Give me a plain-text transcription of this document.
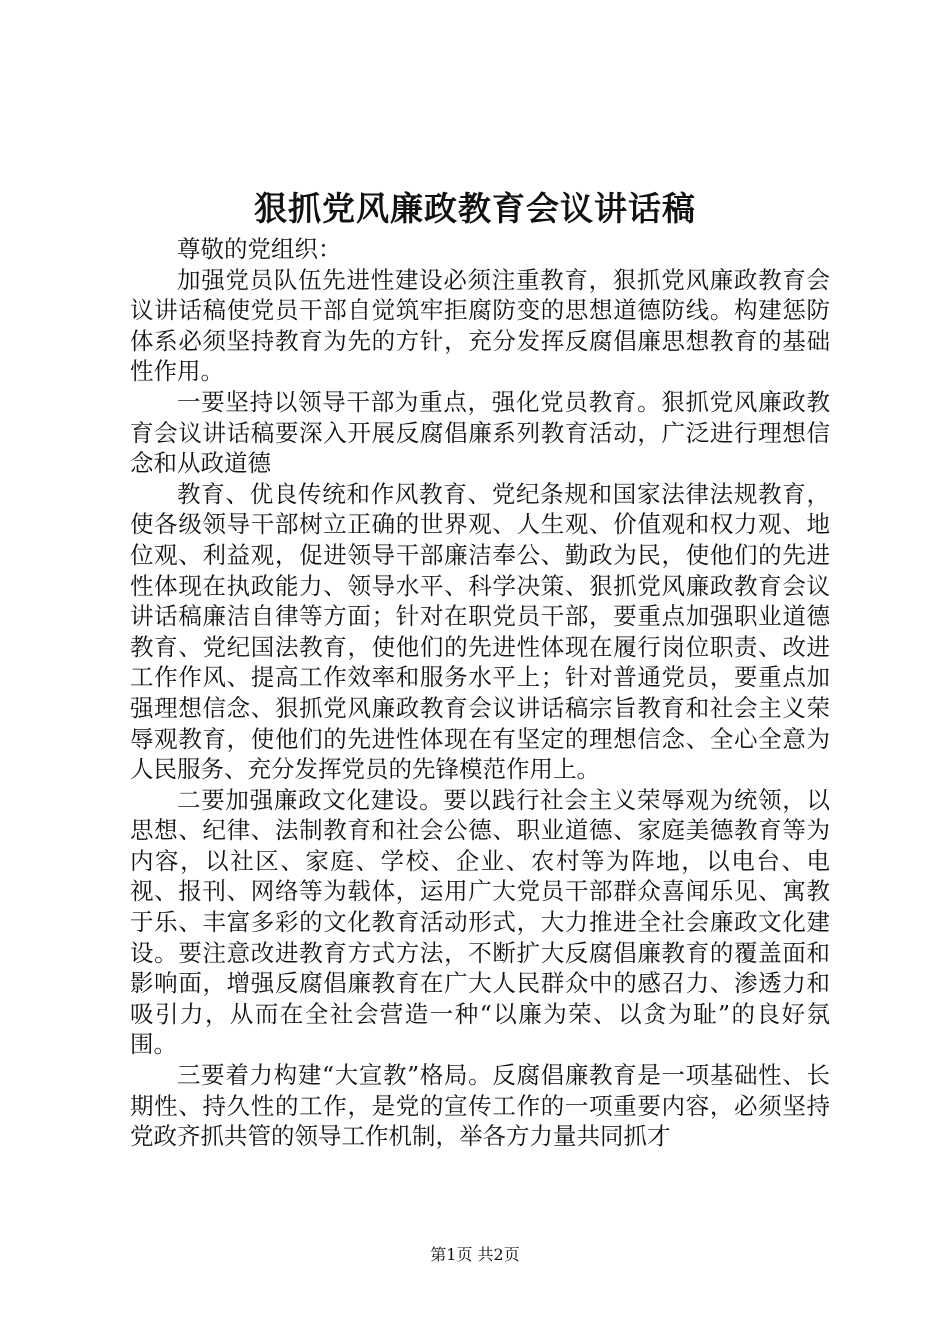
狠抓党风廉政教育会议讲话稿

尊敬的党组织：

加强党员队伍先进性建设必须注重教育，狠抓党风廉政教育会议讲话稿使党员干部自觉筑牢拒腐防变的思想道德防线。构建惩防体系必须坚持教育为先的方针，充分发挥反腐倡廉思想教育的基础性作用。

一要坚持以领导干部为重点，强化党员教育。狠抓党风廉政教育会议讲话稿要深入开展反腐倡廉系列教育活动，广泛进行理想信念和从政道德

教育、优良传统和作风教育、党纪条规和国家法律法规教育，使各级领导干部树立正确的世界观、人生观、价值观和权力观、地位观、利益观，促进领导干部廉洁奉公、勤政为民，使他们的先进性体现在执政能力、领导水平、科学决策、狠抓党风廉政教育会议讲话稿廉洁自律等方面；针对在职党员干部，要重点加强职业道德教育、党纪国法教育，使他们的先进性体现在履行岗位职责、改进工作作风、提高工作效率和服务水平上；针对普通党员，要重点加强理想信念、狠抓党风廉政教育会议讲话稿宗旨教育和社会主义荣辱观教育，使他们的先进性体现在有坚定的理想信念、全心全意为人民服务、充分发挥党员的先锋模范作用上。

二要加强廉政文化建设。要以践行社会主义荣辱观为统领，以思想、纪律、法制教育和社会公德、职业道德、家庭美德教育等为内容，以社区、家庭、学校、企业、农村等为阵地，以电台、电视、报刊、网络等为载体，运用广大党员干部群众喜闻乐见、寓教于乐、丰富多彩的文化教育活动形式，大力推进全社会廉政文化建设。要注意改进教育方式方法，不断扩大反腐倡廉教育的覆盖面和影响面，增强反腐倡廉教育在广大人民群众中的感召力、渗透力和吸引力，从而在全社会营造一种“以廉为荣、以贪为耻”的良好氛围。

三要着力构建“大宣教”格局。反腐倡廉教育是一项基础性、长期性、持久性的工作，是党的宣传工作的一项重要内容，必须坚持党政齐抓共管的领导工作机制，举各方力量共同抓才

第1页 共2页
